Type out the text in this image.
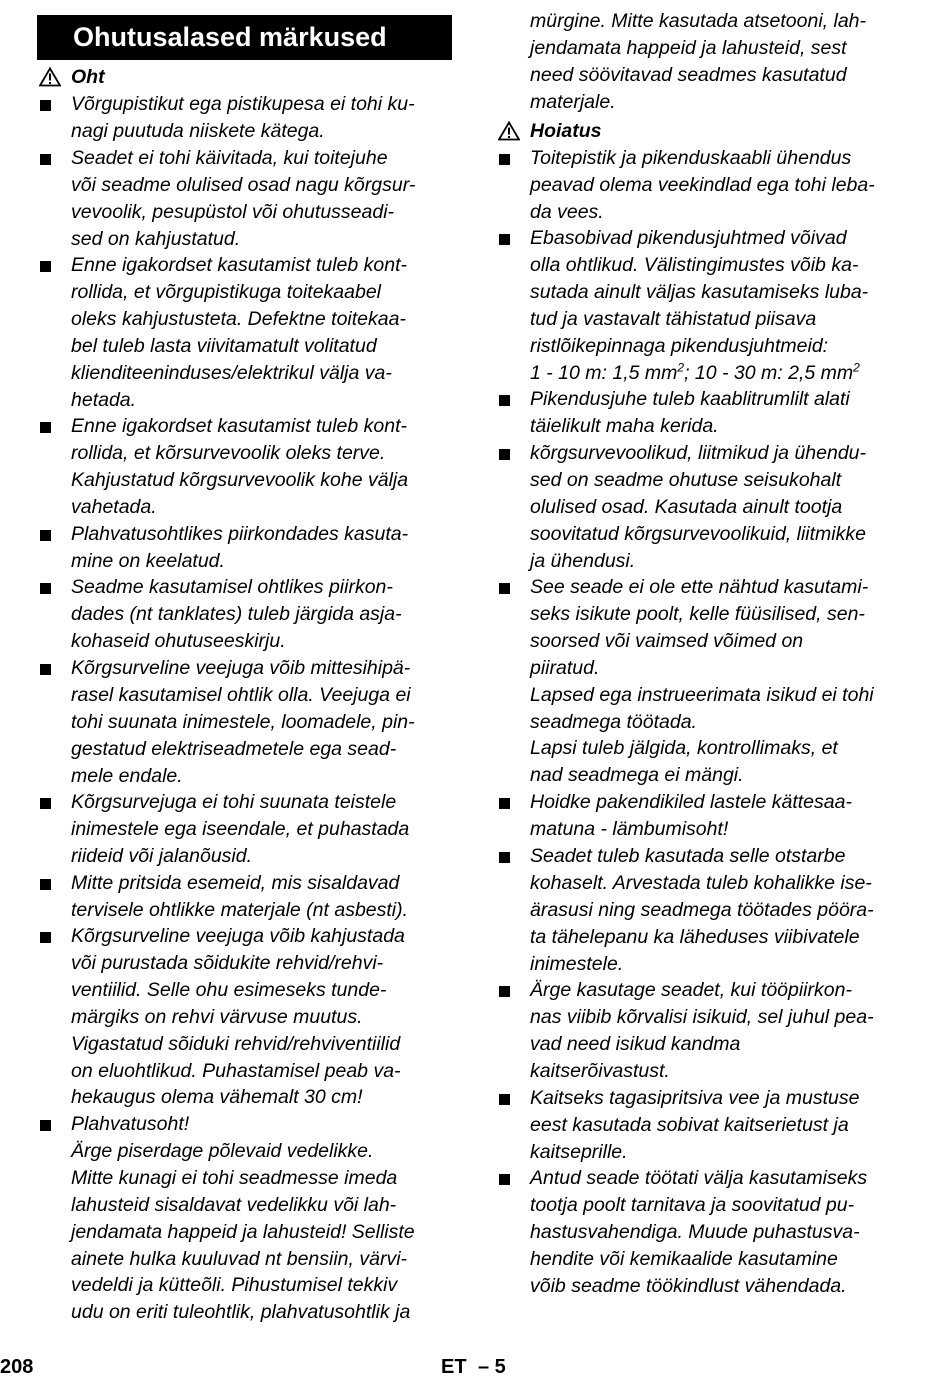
Ohutusalased märkused
Oht
Võrgupistikut ega pistikupesa ei tohi ku-
nagi puutuda niiskete kätega.
Seadet ei tohi käivitada, kui toitejuhe
või seadme olulised osad nagu kõrgsur-
vevoolik, pesupüstol või ohutusseadi-
sed on kahjustatud.
Enne igakordset kasutamist tuleb kont-
rollida, et võrgupistikuga toitekaabel
oleks kahjustusteta. Defektne toitekaa-
bel tuleb lasta viivitamatult volitatud
klienditeeninduses/elektrikul välja va-
hetada.
Enne igakordset kasutamist tuleb kont-
rollida, et kõrsurvevoolik oleks terve.
Kahjustatud kõrgsurvevoolik kohe välja
vahetada.
Plahvatusohtlikes piirkondades kasuta-
mine on keelatud.
Seadme kasutamisel ohtlikes piirkon-
dades (nt tanklates) tuleb järgida asja-
kohaseid ohutuseeskirju.
Kõrgsurveline veejuga võib mittesihipä-
rasel kasutamisel ohtlik olla. Veejuga ei
tohi suunata inimestele, loomadele, pin-
gestatud elektriseadmetele ega sead-
mele endale.
Kõrgsurvejuga ei tohi suunata teistele
inimestele ega iseendale, et puhastada
riideid või jalanõusid.
Mitte pritsida esemeid, mis sisaldavad
tervisele ohtlikke materjale (nt asbesti).
Kõrgsurveline veejuga võib kahjustada
või purustada sõidukite rehvid/rehvi-
ventiilid. Selle ohu esimeseks tunde-
märgiks on rehvi värvuse muutus.
Vigastatud sõiduki rehvid/rehviventiilid
on eluohtlikud. Puhastamisel peab va-
hekaugus olema vähemalt 30 cm!
Plahvatusoht!
Ärge piserdage põlevaid vedelikke.
Mitte kunagi ei tohi seadmesse imeda
lahusteid sisaldavat vedelikku või lah-
jendamata happeid ja lahusteid! Selliste
ainete hulka kuuluvad nt bensiin, värvi-
vedeldi ja kütteõli. Pihustumisel tekkiv
udu on eriti tuleohtlik, plahvatusohtlik ja
mürgine. Mitte kasutada atsetooni, lah-
jendamata happeid ja lahusteid, sest
need söövitavad seadmes kasutatud
materjale.
Hoiatus
Toitepistik ja pikenduskaabli ühendus
peavad olema veekindlad ega tohi leba-
da vees.
Ebasobivad pikendusjuhtmed võivad
olla ohtlikud. Välistingimustes võib ka-
sutada ainult väljas kasutamiseks luba-
tud ja vastavalt tähistatud piisava
ristlõikepinnaga pikendusjuhtmeid:
1 - 10 m: 1,5 $mm^2$; 10 - 30 m: 2,5 $mm^2$
Pikendusjuhe tuleb kaablitrumlilt alati
täielikult maha kerida.
kõrgsurvevoolikud, liitmikud ja ühendu-
sed on seadme ohutuse seisukohalt
olulised osad. Kasutada ainult tootja
soovitatud kõrgsurvevoolikuid, liitmikke
ja ühendusi.
See seade ei ole ette nähtud kasutami-
seks isikute poolt, kelle füüsilised, sen-
soorsed või vaimsed võimed on
piiratud.
Lapsed ega instrueerimata isikud ei tohi
seadmega töötada.
Lapsi tuleb jälgida, kontrollimaks, et
nad seadmega ei mängi.
Hoidke pakendikiled lastele kättesaa-
matuna - lämbumisoht!
Seadet tuleb kasutada selle otstarbe
kohaselt. Arvestada tuleb kohalikke ise-
ärasusi ning seadmega töötades pööra-
ta tähelepanu ka läheduses viibivatele
inimestele.
Ärge kasutage seadet, kui tööpiirkon-
nas viibib kõrvalisi isikuid, sel juhul pea-
vad need isikud kandma
kaitserõivastust.
Kaitseks tagasipritsiva vee ja mustuse
eest kasutada sobivat kaitserietust ja
kaitseprille.
Antud seade töötati välja kasutamiseks
tootja poolt tarnitava ja soovitatud pu-
hastusvahendiga. Muude puhastusva-
hendite või kemikaalide kasutamine
võib seadme töökindlust vähendada.
208	ET – 5
